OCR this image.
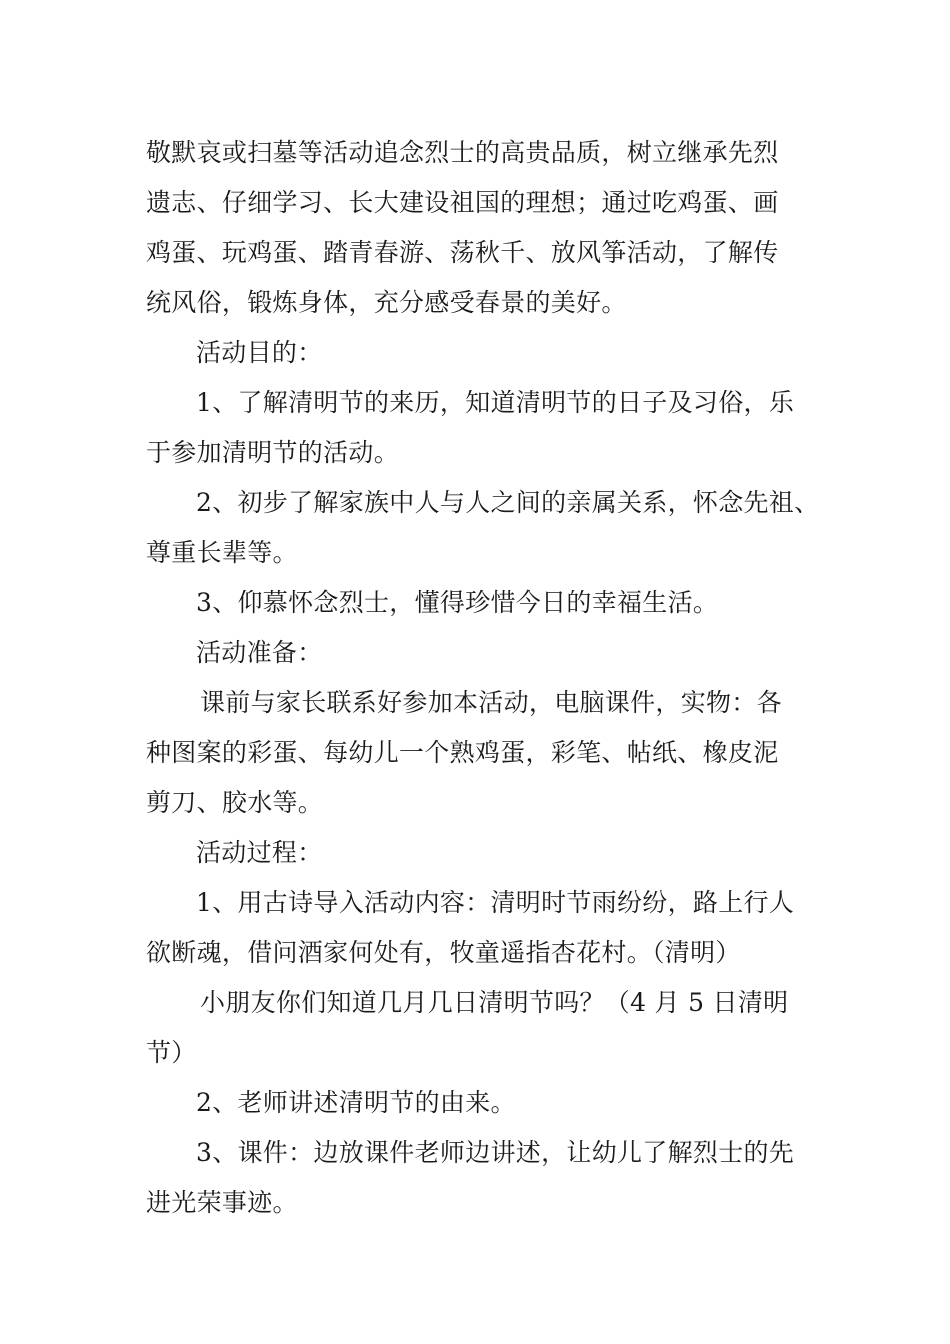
敬默哀或扫墓等活动追念烈士的高贵品质，树立继承先烈
遗志、仔细学习、长大建设祖国的理想；通过吃鸡蛋、画
鸡蛋、玩鸡蛋、踏青春游、荡秋千、放风筝活动，了解传
统风俗，锻炼身体，充分感受春景的美好。
活动目的：
1、了解清明节的来历，知道清明节的日子及习俗，乐
于参加清明节的活动。
2、初步了解家族中人与人之间的亲属关系，怀念先祖、
尊重长辈等。
3、仰慕怀念烈士，懂得珍惜今日的幸福生活。
活动准备：
课前与家长联系好参加本活动，电脑课件，实物：各
种图案的彩蛋、每幼儿一个熟鸡蛋，彩笔、帖纸、橡皮泥
剪刀、胶水等。
活动过程：
1、用古诗导入活动内容：清明时节雨纷纷，路上行人
欲断魂，借问酒家何处有，牧童遥指杏花村。（清明）
小朋友你们知道几月几日清明节吗？（4 月 5 日清明
节）
2、老师讲述清明节的由来。
3、课件：边放课件老师边讲述，让幼儿了解烈士的先
进光荣事迹。
